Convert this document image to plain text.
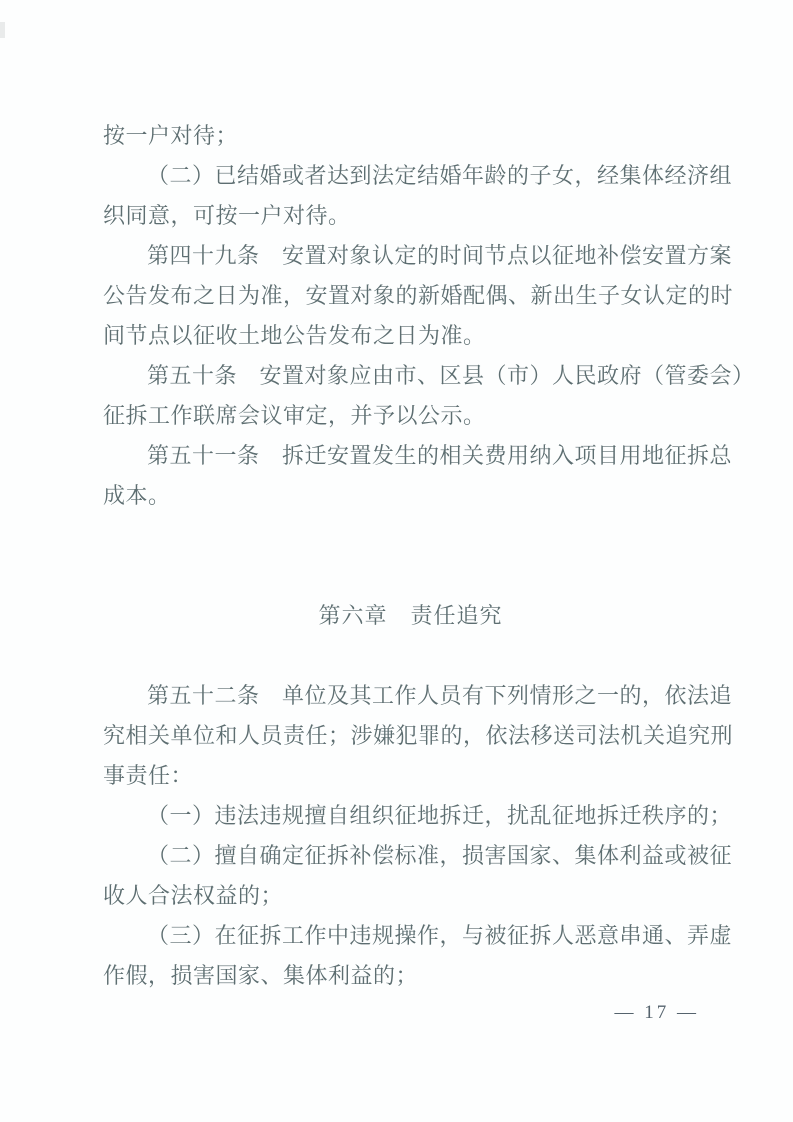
按一户对待；
（二）已结婚或者达到法定结婚年龄的子女，经集体经济组
织同意，可按一户对待。
第四十九条　安置对象认定的时间节点以征地补偿安置方案
公告发布之日为准，安置对象的新婚配偶、新出生子女认定的时
间节点以征收土地公告发布之日为准。
第五十条　安置对象应由市、区县（市）人民政府（管委会）
征拆工作联席会议审定，并予以公示。
第五十一条　拆迁安置发生的相关费用纳入项目用地征拆总
成本。
第六章　责任追究
第五十二条　单位及其工作人员有下列情形之一的，依法追
究相关单位和人员责任；涉嫌犯罪的，依法移送司法机关追究刑
事责任：
（一）违法违规擅自组织征地拆迁，扰乱征地拆迁秩序的；
（二）擅自确定征拆补偿标准，损害国家、集体利益或被征
收人合法权益的；
（三）在征拆工作中违规操作，与被征拆人恶意串通、弄虚
作假，损害国家、集体利益的；
— 17 —
